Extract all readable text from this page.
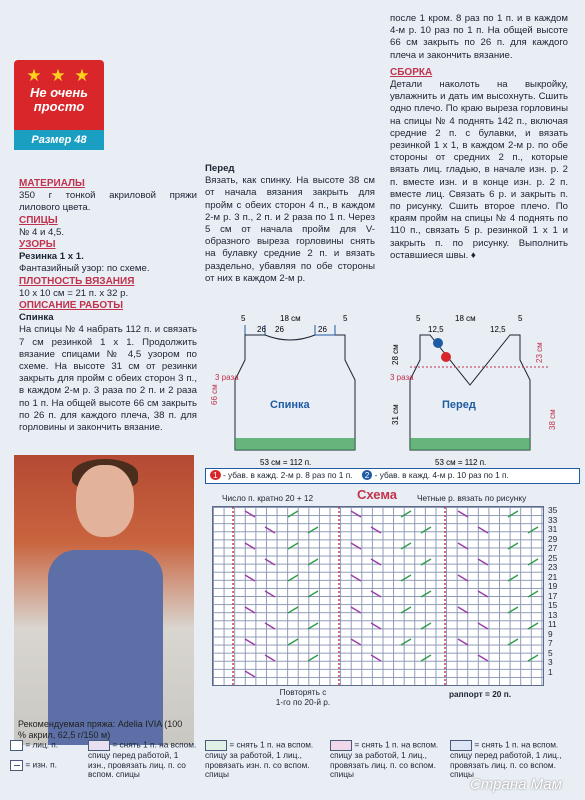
★ ★ ★
Не очень
просто
Размер 48
МАТЕРИАЛЫ
350 г тонкой акриловой пряжи лилового цвета.
СПИЦЫ
№ 4 и 4,5.
УЗОРЫ
Резинка 1 х 1.
Фантазийный узор: по схеме.
ПЛОТНОСТЬ ВЯЗАНИЯ
10 х 10 см = 21 п. х 32 р.
ОПИСАНИЕ РАБОТЫ
Спинка
На спицы № 4 набрать 112 п. и связать 7 см резинкой 1 х 1. Продолжить вязание спицами № 4,5 узором по схеме. На высоте 31 см от резинки закрыть для пройм с обеих сторон 3 п., в каждом 2-м р. 3 раза по 2 п. и 2 раза по 1 п. На общей высоте 66 см закрыть по 26 п. для каждого плеча, 38 п. для горловины и закончить вязание.
Перед
Вязать, как спинку. На высоте 38 см от начала вязания закрыть для пройм с обеих сторон 4 п., в каждом 2-м р. 3 п., 2 п. и 2 раза по 1 п. Через 5 см от начала пройм для V-образного выреза горловины снять на булавку средние 2 п. и вязать раздельно, убавляя по обе стороны от них в каждом 2-м р.
после 1 кром. 8 раз по 1 п. и в каждом 4-м р. 10 раз по 1 п. На общей высоте 66 см закрыть по 26 п. для каждого плеча и закончить вязание.
СБОРКА
Детали наколоть на выкройку, увлажнить и дать им высохнуть. Сшить одно плечо. По краю выреза горловины на спицы № 4 поднять 142 п., включая средние 2 п. с булавки, и вязать резинкой 1 х 1, в каждом 2-м р. по обе стороны от средних 2 п., которые вязать лиц. гладью, в начале изн. р. 2 п. вместе изн. и в конце изн. р. 2 п. вместе лиц. Связать 6 р. и закрыть п. по рисунку. Сшить второе плечо. По краям пройм на спицы № 4 поднять по 110 п., связать 5 р. резинкой 1 х 1 и закрыть п. по рисунку. Выполнить оставшиеся швы. ♦
Спинка
3 раза
5
26
18 см
26
5
26
66 см
53 см = 112 п.
Перед
3 раза
5
12,5
18 см
12,5
5
28 см	23 см
38 см
31 см
53 см = 112 п.
1 - убав. в кажд. 2-м р. 8 раз по 1 п. 2 - убав. в кажд. 4-м р. 10 раз по 1 п.
Число п. кратно 20 + 12	Схема Четные р. вязать по рисунку
35
33
31
29
27
25
23
21
19
17
15
13
11
9
7
5
3
1
Повторять с
1-го по 20-й р.
раппорт = 20 п.
Рекомендуемая пряжа: Adelia IVIA (100 % акрил, 62,5 г/150 м)
= лиц. п.
= изн. п.
= снять 1 п. на вспом. спицу перед работой, 1 изн., провязать лиц. п. со вспом. спицы
= снять 1 п. на вспом. спицу за работой, 1 лиц., провязать изн. п. со вспом. спицы
= снять 1 п. на вспом. спицу за работой, 1 лиц., провязать лиц. п. со вспом. спицы
= снять 1 п. на вспом. спицу перед работой, 1 лиц., провязать лиц. п. со вспом. спицы
Страна Мам
